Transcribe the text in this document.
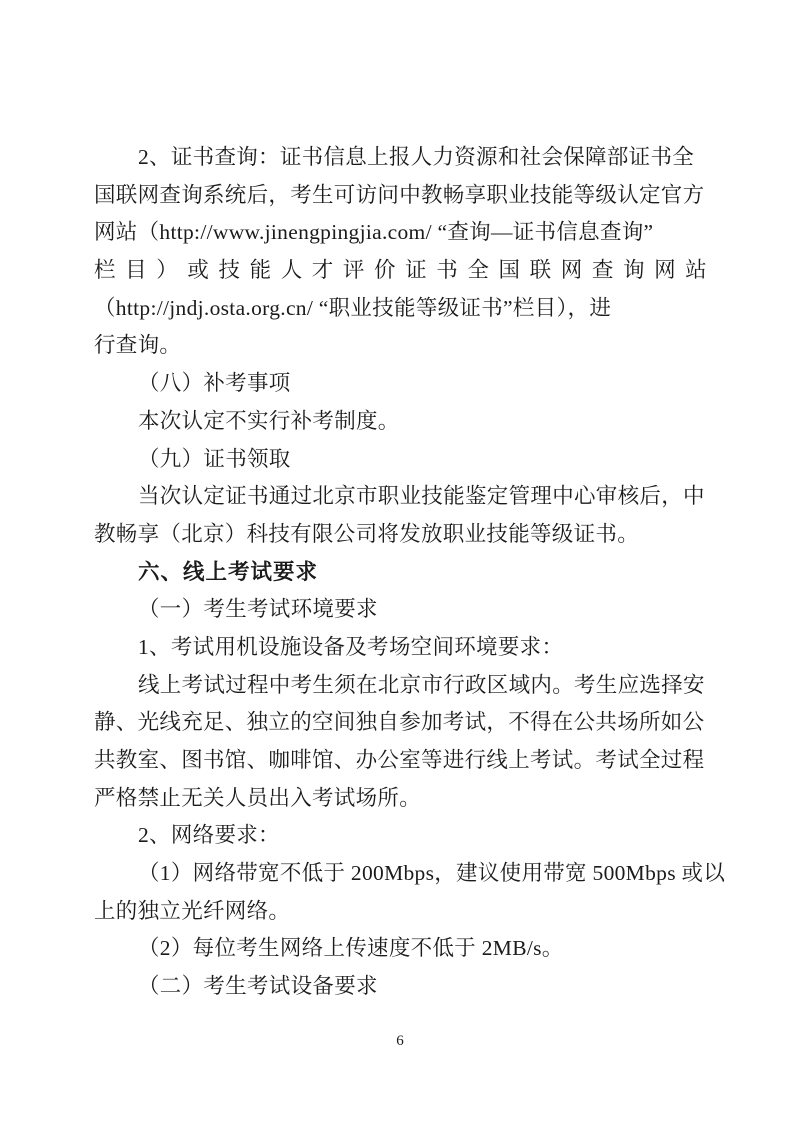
2、证书查询：证书信息上报人力资源和社会保障部证书全
国联网查询系统后，考生可访问中教畅享职业技能等级认定官方
网站（http://www.jinengpingjia.com/ “查询—证书信息查询”
栏目）或技能人才评价证书全国联网查询网站
（http://jndj.osta.org.cn/ “职业技能等级证书”栏目），进
行查询。
（八）补考事项
本次认定不实行补考制度。
（九）证书领取
当次认定证书通过北京市职业技能鉴定管理中心审核后，中
教畅享（北京）科技有限公司将发放职业技能等级证书。
六、线上考试要求
（一）考生考试环境要求
1、考试用机设施设备及考场空间环境要求：
线上考试过程中考生须在北京市行政区域内。考生应选择安
静、光线充足、独立的空间独自参加考试，不得在公共场所如公
共教室、图书馆、咖啡馆、办公室等进行线上考试。考试全过程
严格禁止无关人员出入考试场所。
2、网络要求：
（1）网络带宽不低于 200Mbps，建议使用带宽 500Mbps 或以
上的独立光纤网络。
（2）每位考生网络上传速度不低于 2MB/s。
（二）考生考试设备要求
6
